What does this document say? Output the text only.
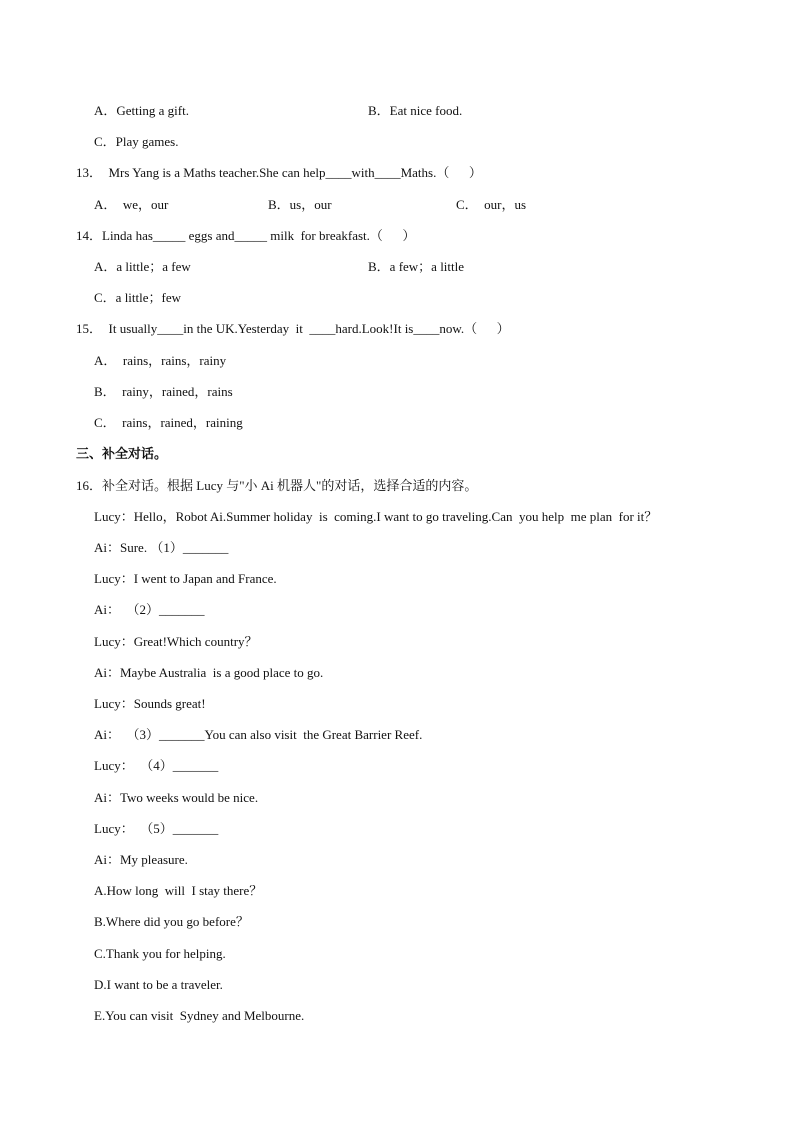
A．Getting a gift.	B．Eat nice food.
C．Play games.
13．  Mrs Yang is a Maths teacher.She can help____with____Maths.（      ）
A．  we，our	B．us，our	C．  our，us
14．Linda has_____ eggs and_____ milk  for breakfast.（      ）
A．a little；a few	B．a few；a little
C．a little；few
15．  It usually____in the UK.Yesterday  it  ____hard.Look!It is____now.（      ）
A．  rains，rains，rainy
B．  rainy，rained，rains
C．  rains，rained，raining
三、补全对话。
16．补全对话。根据 Lucy 与"小 Ai 机器人"的对话，选择合适的内容。
Lucy：Hello，Robot Ai.Summer holiday  is  coming.I want to go traveling.Can  you help  me plan  for it？
Ai：Sure. （1）_______
Lucy：I went to Japan and France.
Ai：  （2）_______
Lucy：Great!Which country？
Ai：Maybe Australia  is a good place to go.
Lucy：Sounds great!
Ai：  （3）_______You can also visit  the Great Barrier Reef.
Lucy：  （4）_______
Ai：Two weeks would be nice.
Lucy：  （5）_______
Ai：My pleasure.
A.How long  will  I stay there？
B.Where did you go before？
C.Thank you for helping.
D.I want to be a traveler.
E.You can visit  Sydney and Melbourne.
